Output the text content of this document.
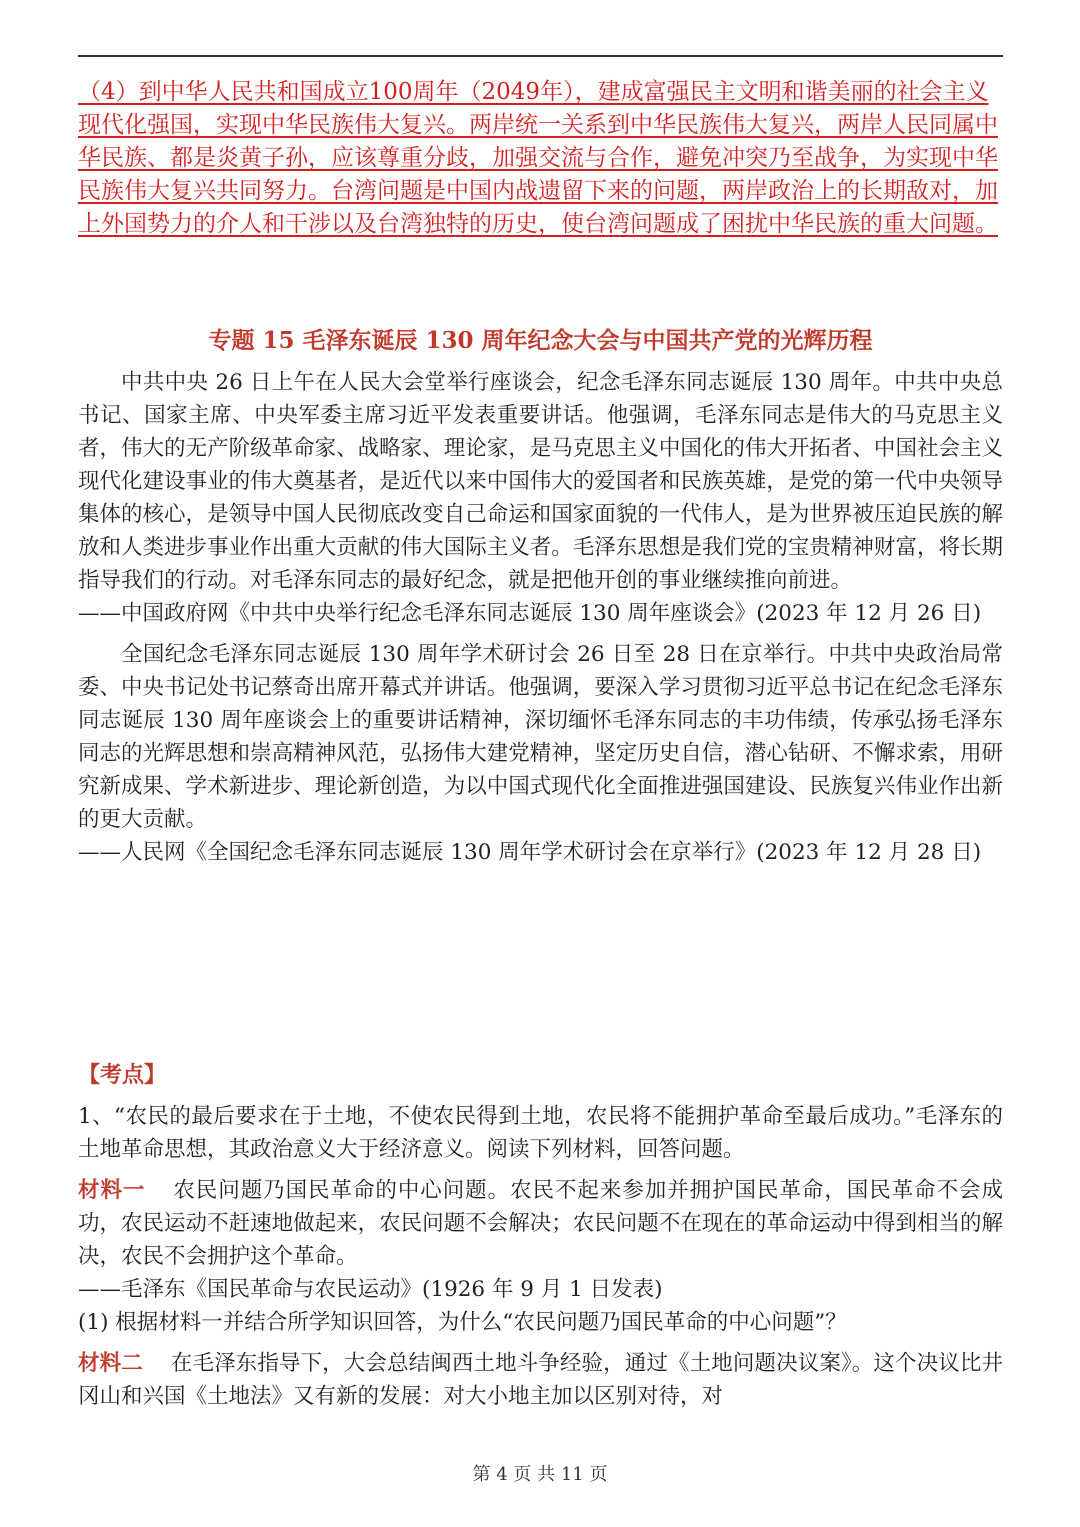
（4）到中华人民共和国成立100周年（2049年），建成富强民主文明和谐美丽的社会主义现代化强国，实现中华民族伟大复兴。两岸统一关系到中华民族伟大复兴，两岸人民同属中华民族、都是炎黄子孙，应该尊重分歧，加强交流与合作，避免冲突乃至战争，为实现中华民族伟大复兴共同努力。台湾问题是中国内战遗留下来的问题，两岸政治上的长期敌对，加上外国势力的介人和干涉以及台湾独特的历史，使台湾问题成了困扰中华民族的重大问题。

专题 15 毛泽东诞辰 130 周年纪念大会与中国共产党的光辉历程

中共中央 26 日上午在人民大会堂举行座谈会，纪念毛泽东同志诞辰 130 周年。中共中央总书记、国家主席、中央军委主席习近平发表重要讲话。他强调，毛泽东同志是伟大的马克思主义者，伟大的无产阶级革命家、战略家、理论家，是马克思主义中国化的伟大开拓者、中国社会主义现代化建设事业的伟大奠基者，是近代以来中国伟大的爱国者和民族英雄，是党的第一代中央领导集体的核心，是领导中国人民彻底改变自己命运和国家面貌的一代伟人，是为世界被压迫民族的解放和人类进步事业作出重大贡献的伟大国际主义者。毛泽东思想是我们党的宝贵精神财富，将长期指导我们的行动。对毛泽东同志的最好纪念，就是把他开创的事业继续推向前进。

——中国政府网《中共中央举行纪念毛泽东同志诞辰 130 周年座谈会》(2023 年 12 月 26 日)

全国纪念毛泽东同志诞辰 130 周年学术研讨会 26 日至 28 日在京举行。中共中央政治局常委、中央书记处书记蔡奇出席开幕式并讲话。他强调，要深入学习贯彻习近平总书记在纪念毛泽东同志诞辰 130 周年座谈会上的重要讲话精神，深切缅怀毛泽东同志的丰功伟绩，传承弘扬毛泽东同志的光辉思想和崇高精神风范，弘扬伟大建党精神，坚定历史自信，潜心钻研、不懈求索，用研究新成果、学术新进步、理论新创造，为以中国式现代化全面推进强国建设、民族复兴伟业作出新的更大贡献。

——人民网《全国纪念毛泽东同志诞辰 130 周年学术研讨会在京举行》(2023 年 12 月 28 日)

【考点】

1、“农民的最后要求在于土地，不使农民得到土地，农民将不能拥护革命至最后成功。”毛泽东的土地革命思想，其政治意义大于经济意义。阅读下列材料，回答问题。

材料一 农民问题乃国民革命的中心问题。农民不起来参加并拥护国民革命，国民革命不会成功，农民运动不赶速地做起来，农民问题不会解决；农民问题不在现在的革命运动中得到相当的解决，农民不会拥护这个革命。

——毛泽东《国民革命与农民运动》(1926 年 9 月 1 日发表)

(1) 根据材料一并结合所学知识回答，为什么“农民问题乃国民革命的中心问题”？

材料二 在毛泽东指导下，大会总结闽西土地斗争经验，通过《土地问题决议案》。这个决议比井冈山和兴国《土地法》又有新的发展：对大小地主加以区别对待，对

第 4 页 共 11 页
